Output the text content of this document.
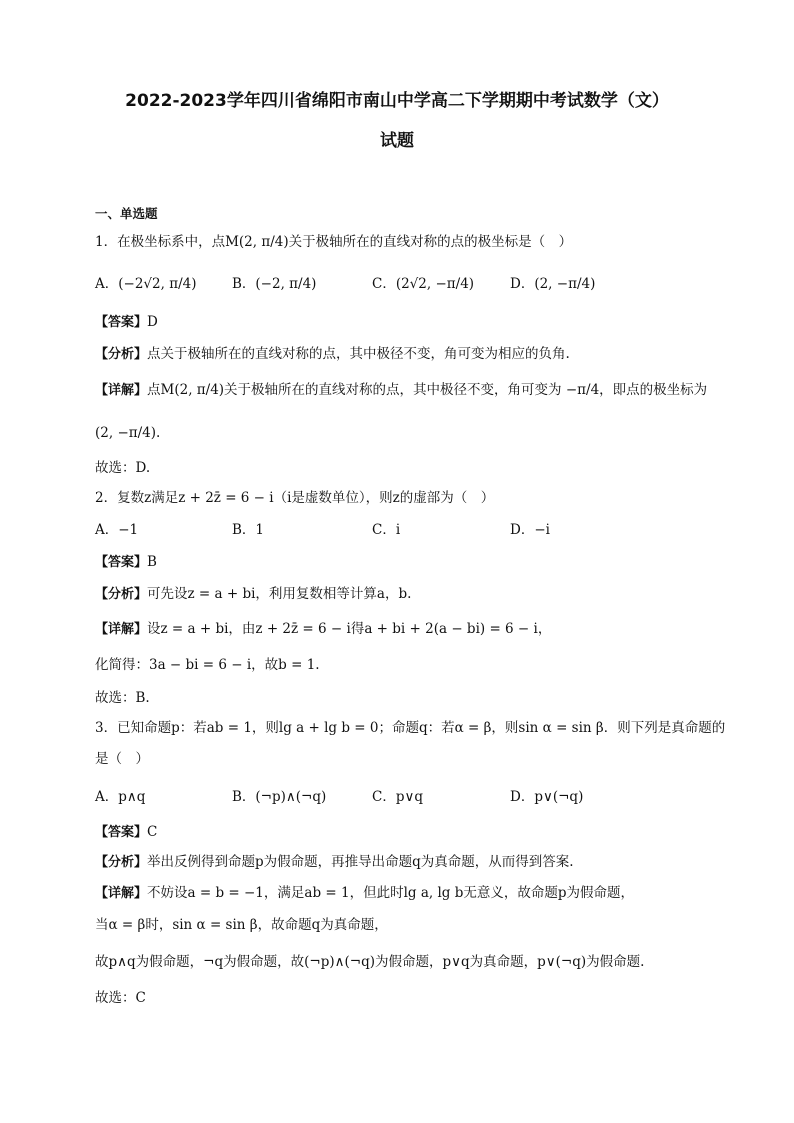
2022-2023学年四川省绵阳市南山中学高二下学期期中考试数学（文）
试题
一、单选题
1．在极坐标系中，点M(2, π/4)关于极轴所在的直线对称的点的极坐标是（　）
A．(−2√2, π/4)	B．(−2, π/4)	C．(2√2, −π/4)	D．(2, −π/4)
【答案】D
【分析】点关于极轴所在的直线对称的点，其中极径不变，角可变为相应的负角.
【详解】点M(2, π/4)关于极轴所在的直线对称的点，其中极径不变，角可变为 −π/4，即点的极坐标为
(2, −π/4).
故选：D.
2．复数z满足z + 2z̄ = 6 − i（i是虚数单位），则z的虚部为（　）
A．−1	B．1	C．i	D．−i
【答案】B
【分析】可先设z = a + bi，利用复数相等计算a，b.
【详解】设z = a + bi，由z + 2z̄ = 6 − i得a + bi + 2(a − bi) = 6 − i，
化简得：3a − bi = 6 − i，故b = 1.
故选：B.
3．已知命题p：若ab = 1，则lg a + lg b = 0；命题q：若α = β，则sin α = sin β．则下列是真命题的
是（　）
A．p∧q	B．(¬p)∧(¬q)	C．p∨q	D．p∨(¬q)
【答案】C
【分析】举出反例得到命题p为假命题，再推导出命题q为真命题，从而得到答案.
【详解】不妨设a = b = −1，满足ab = 1，但此时lg a, lg b无意义，故命题p为假命题，
当α = β时，sin α = sin β，故命题q为真命题，
故p∧q为假命题，¬q为假命题，故(¬p)∧(¬q)为假命题，p∨q为真命题，p∨(¬q)为假命题.
故选：C
